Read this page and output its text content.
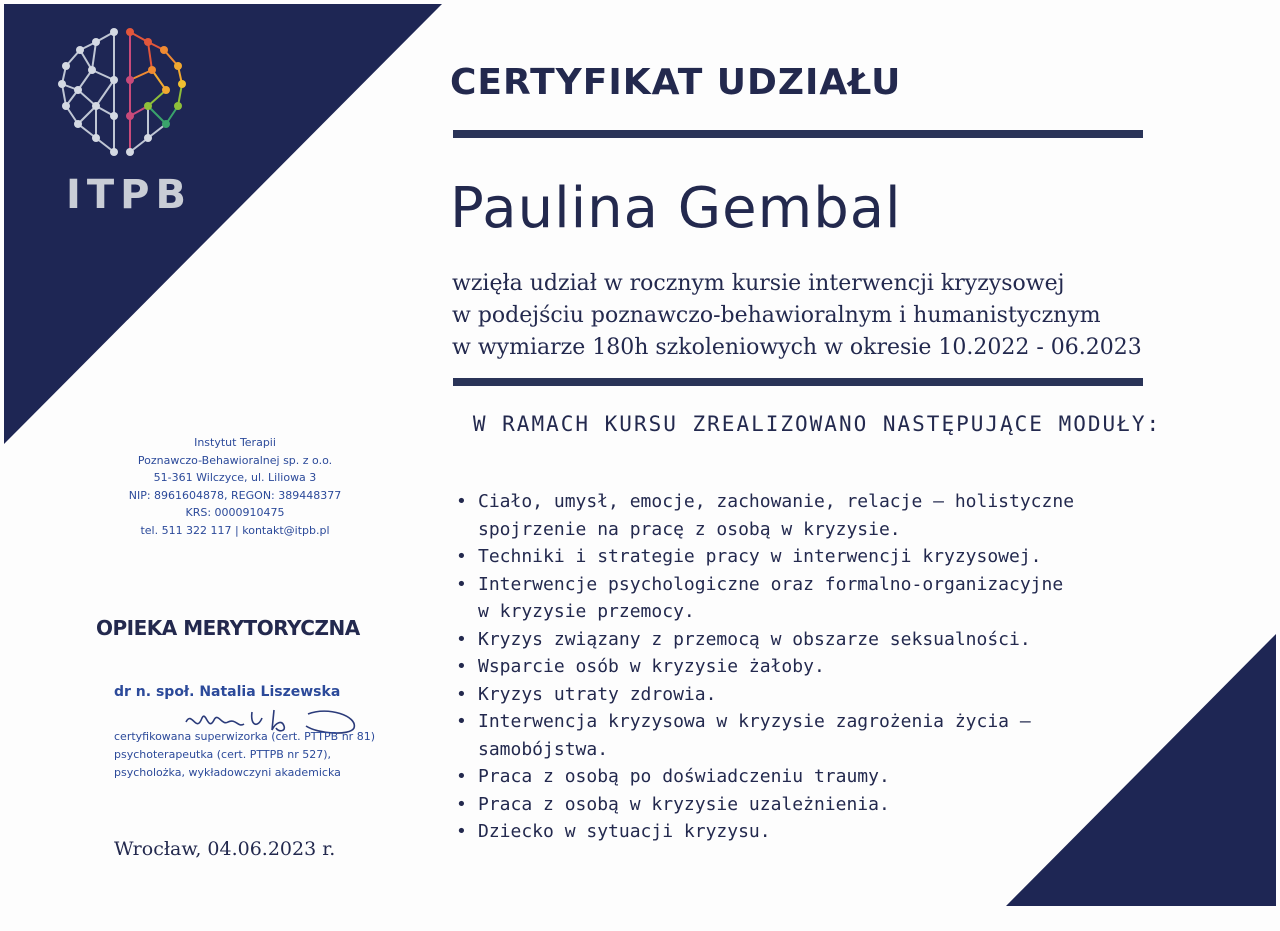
ITPB
CERTYFIKAT UDZIAŁU
Paulina Gembal
wzięła udział w rocznym kursie interwencji kryzysowej
w podejściu poznawczo-behawioralnym i humanistycznym
w wymiarze 180h szkoleniowych w okresie 10.2022 - 06.2023
W RAMACH KURSU ZREALIZOWANO NASTĘPUJĄCE MODUŁY:
• Ciało, umysł, emocje, zachowanie, relacje – holistyczne
spojrzenie na pracę z osobą w kryzysie.
• Techniki i strategie pracy w interwencji kryzysowej.
• Interwencje psychologiczne oraz formalno-organizacyjne
w kryzysie przemocy.
• Kryzys związany z przemocą w obszarze seksualności.
• Wsparcie osób w kryzysie żałoby.
• Kryzys utraty zdrowia.
• Interwencja kryzysowa w kryzysie zagrożenia życia –
samobójstwa.
• Praca z osobą po doświadczeniu traumy.
• Praca z osobą w kryzysie uzależnienia.
• Dziecko w sytuacji kryzysu.
Instytut Terapii
Poznawczo-Behawioralnej sp. z o.o.
51-361 Wilczyce, ul. Liliowa 3
NIP: 8961604878, REGON: 389448377
KRS: 0000910475
tel. 511 322 117 | kontakt@itpb.pl
OPIEKA MERYTORYCZNA
dr n. społ. Natalia Liszewska
certyfikowana superwizorka (cert. PTTPB nr 81)
psychoterapeutka (cert. PTTPB nr 527),
psycholożka, wykładowczyni akademicka
Wrocław, 04.06.2023 r.
